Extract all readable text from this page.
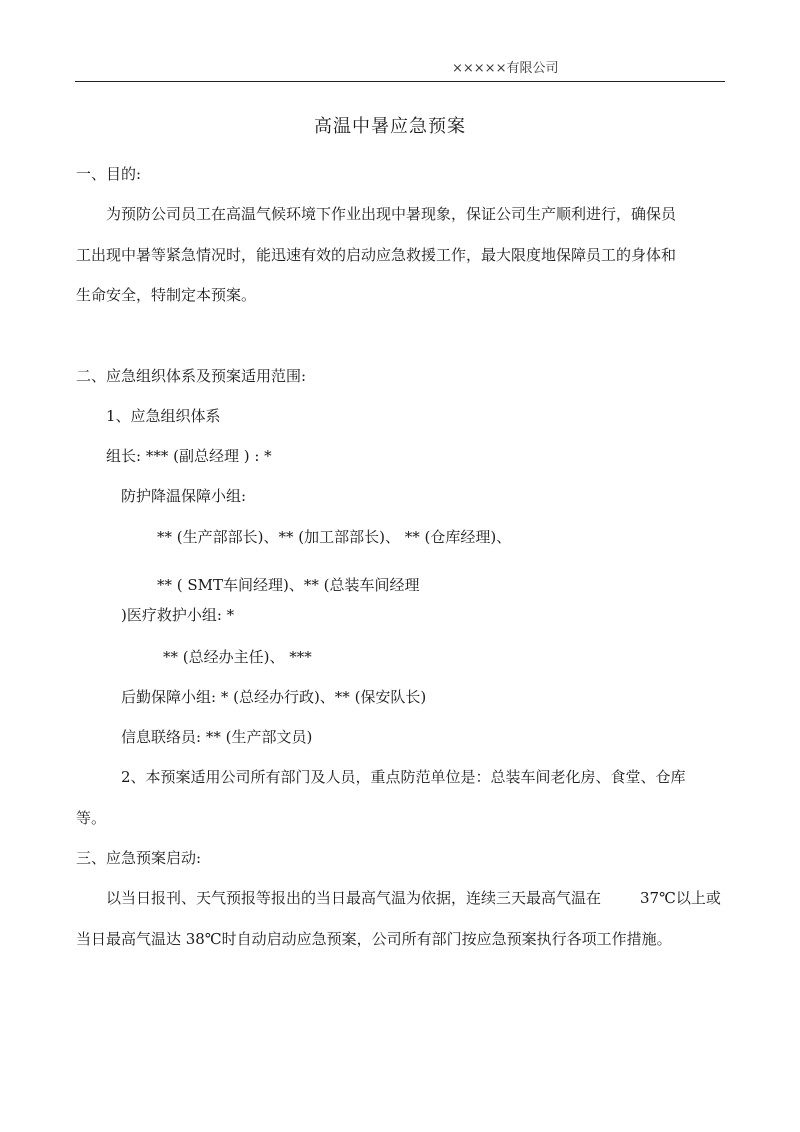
×××××有限公司
高温中暑应急预案
一、目的:
为预防公司员工在高温气候环境下作业出现中暑现象，保证公司生产顺利进行，确保员
工出现中暑等紧急情况时，能迅速有效的启动应急救援工作，最大限度地保障员工的身体和
生命安全，特制定本预案。
二、应急组织体系及预案适用范围:
1、应急组织体系
组长: *** (副总经理 ) : *
防护降温保障小组:
** (生产部部长)、** (加工部部长)、 ** (仓库经理)、
** ( SMT车间经理)、** (总装车间经理
)医疗救护小组: *
** (总经办主任)、 ***
后勤保障小组: * (总经办行政)、** (保安队长)
信息联络员: ** (生产部文员)
2、本预案适用公司所有部门及人员，重点防范单位是：总装车间老化房、食堂、仓库
等。
三、应急预案启动:
以当日报刊、天气预报等报出的当日最高气温为依据，连续三天最高气温在	37℃以上或
当日最高气温达 38℃时自动启动应急预案，公司所有部门按应急预案执行各项工作措施。
